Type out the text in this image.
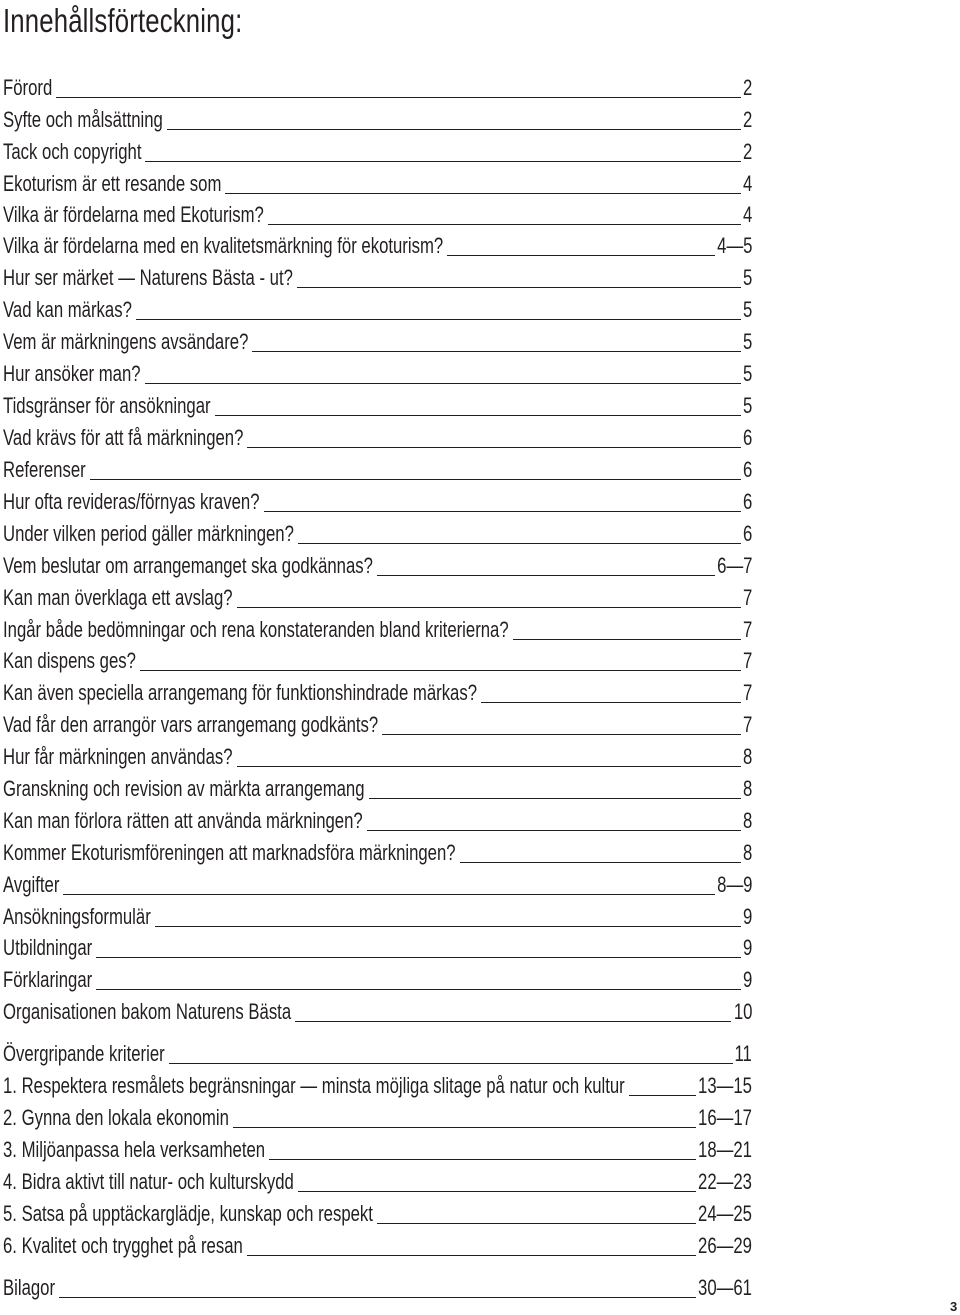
Innehållsförteckning:
Förord	2
Syfte och målsättning	2
Tack och copyright	2
Ekoturism är ett resande som	4
Vilka är fördelarna med Ekoturism?	4
Vilka är fördelarna med en kvalitetsmärkning för ekoturism?	4—5
Hur ser märket — Naturens Bästa - ut?	5
Vad kan märkas?	5
Vem är märkningens avsändare?	5
Hur ansöker man?	5
Tidsgränser för ansökningar	5
Vad krävs för att få märkningen?	6
Referenser	6
Hur ofta revideras/förnyas kraven?	6
Under vilken period gäller märkningen?	6
Vem beslutar om arrangemanget ska godkännas?	6—7
Kan man överklaga ett avslag?	7
Ingår både bedömningar och rena konstateranden bland kriterierna?	7
Kan dispens ges?	7
Kan även speciella arrangemang för funktionshindrade märkas?	7
Vad får den arrangör vars arrangemang godkänts?	7
Hur får märkningen användas?	8
Granskning och revision av märkta arrangemang	8
Kan man förlora rätten att använda märkningen?	8
Kommer Ekoturismföreningen att marknadsföra märkningen?	8
Avgifter	8—9
Ansökningsformulär	9
Utbildningar	9
Förklaringar	9
Organisationen bakom Naturens Bästa	10
Övergripande kriterier	11
1. Respektera resmålets begränsningar — minsta möjliga slitage på natur och kultur	13—15
2. Gynna den lokala ekonomin	16—17
3. Miljöanpassa hela verksamheten	18—21
4. Bidra aktivt till natur- och kulturskydd	22—23
5. Satsa på upptäckarglädje, kunskap och respekt	24—25
6. Kvalitet och trygghet på resan	26—29
Bilagor	30—61
3
